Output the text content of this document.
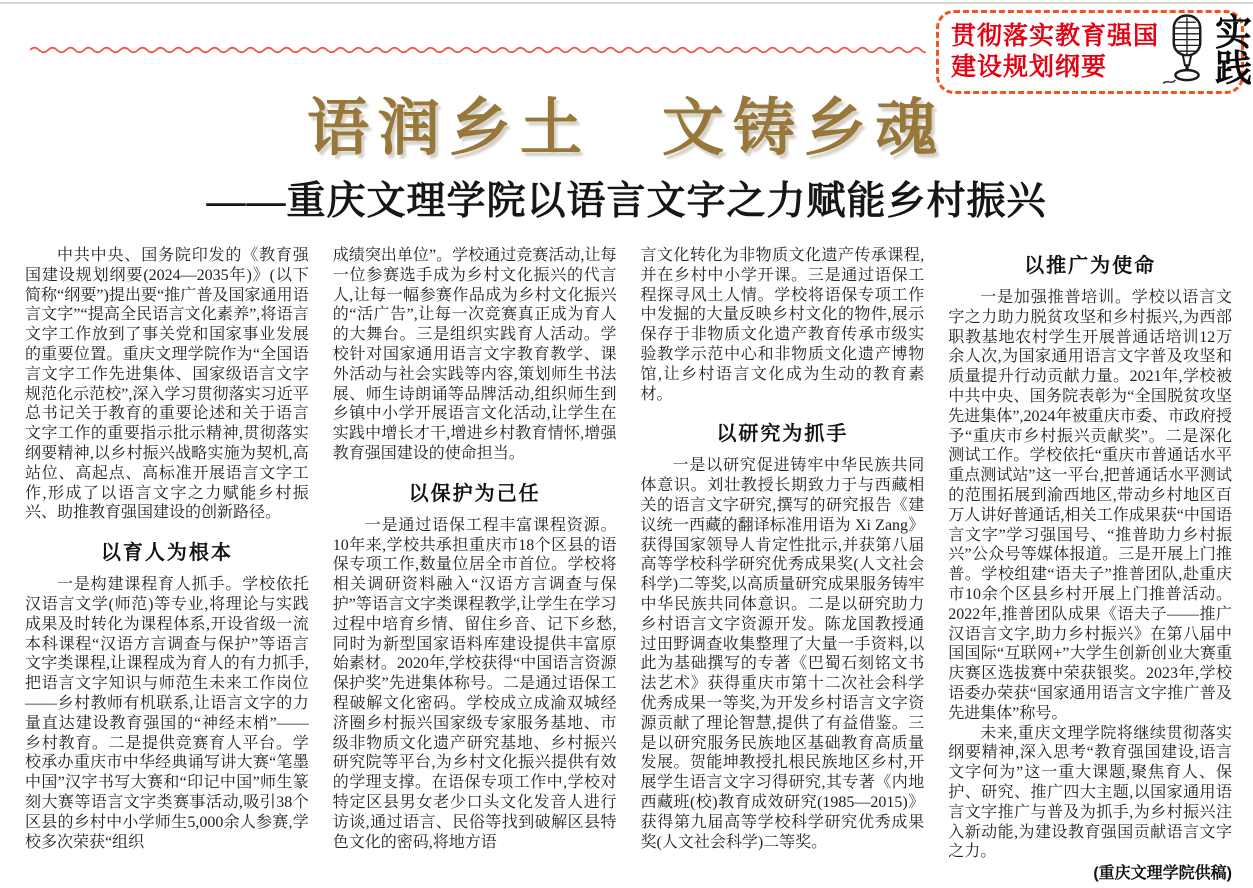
贯彻落实教育强国
建设规划纲要
实
践
语润乡土　文铸乡魂
——重庆文理学院以语言文字之力赋能乡村振兴

中共中央、国务院印发的《教育强国建设规划纲要(2024—2035年)》(以下简称“纲要”)提出要“推广普及国家通用语言文字”“提高全民语言文化素养”,将语言文字工作放到了事关党和国家事业发展的重要位置。重庆文理学院作为“全国语言文字工作先进集体、国家级语言文字规范化示范校”,深入学习贯彻落实习近平总书记关于教育的重要论述和关于语言文字工作的重要指示批示精神,贯彻落实纲要精神,以乡村振兴战略实施为契机,高站位、高起点、高标准开展语言文字工作,形成了以语言文字之力赋能乡村振兴、助推教育强国建设的创新路径。

以育人为根本

一是构建课程育人抓手。学校依托汉语言文学(师范)等专业,将理论与实践成果及时转化为课程体系,开设省级一流本科课程“汉语方言调查与保护”等语言文字类课程,让课程成为育人的有力抓手,把语言文字知识与师范生未来工作岗位——乡村教师有机联系,让语言文字的力量直达建设教育强国的“神经末梢”——乡村教育。二是提供竞赛育人平台。学校承办重庆市中华经典诵写讲大赛“笔墨中国”汉字书写大赛和“印记中国”师生篆刻大赛等语言文字类赛事活动,吸引38个区县的乡村中小学师生5,000余人参赛,学校多次荣获“组织

成绩突出单位”。学校通过竞赛活动,让每一位参赛选手成为乡村文化振兴的代言人,让每一幅参赛作品成为乡村文化振兴的“活广告”,让每一次竞赛真正成为育人的大舞台。三是组织实践育人活动。学校针对国家通用语言文字教育教学、课外活动与社会实践等内容,策划师生书法展、师生诗朗诵等品牌活动,组织师生到乡镇中小学开展语言文化活动,让学生在实践中增长才干,增进乡村教育情怀,增强教育强国建设的使命担当。

以保护为己任

一是通过语保工程丰富课程资源。10年来,学校共承担重庆市18个区县的语保专项工作,数量位居全市首位。学校将相关调研资料融入“汉语方言调查与保护”等语言文字类课程教学,让学生在学习过程中培育乡情、留住乡音、记下乡愁,同时为新型国家语料库建设提供丰富原始素材。2020年,学校获得“中国语言资源保护奖”先进集体称号。二是通过语保工程破解文化密码。学校成立成渝双城经济圈乡村振兴国家级专家服务基地、市级非物质文化遗产研究基地、乡村振兴研究院等平台,为乡村文化振兴提供有效的学理支撑。在语保专项工作中,学校对特定区县男女老少口头文化发音人进行访谈,通过语言、民俗等找到破解区县特色文化的密码,将地方语

言文化转化为非物质文化遗产传承课程,并在乡村中小学开课。三是通过语保工程探寻风土人情。学校将语保专项工作中发掘的大量反映乡村文化的物件,展示保存于非物质文化遗产教育传承市级实验教学示范中心和非物质文化遗产博物馆,让乡村语言文化成为生动的教育素材。

以研究为抓手

一是以研究促进铸牢中华民族共同体意识。刘壮教授长期致力于与西藏相关的语言文字研究,撰写的研究报告《建议统一西藏的翻译标准用语为 Xi Zang》获得国家领导人肯定性批示,并获第八届高等学校科学研究优秀成果奖(人文社会科学)二等奖,以高质量研究成果服务铸牢中华民族共同体意识。二是以研究助力乡村语言文字资源开发。陈龙国教授通过田野调查收集整理了大量一手资料,以此为基础撰写的专著《巴蜀石刻铭文书法艺术》获得重庆市第十二次社会科学优秀成果一等奖,为开发乡村语言文字资源贡献了理论智慧,提供了有益借鉴。三是以研究服务民族地区基础教育高质量发展。贺能坤教授扎根民族地区乡村,开展学生语言文字习得研究,其专著《内地西藏班(校)教育成效研究(1985—2015)》获得第九届高等学校科学研究优秀成果奖(人文社会科学)二等奖。

以推广为使命

一是加强推普培训。学校以语言文字之力助力脱贫攻坚和乡村振兴,为西部职教基地农村学生开展普通话培训12万余人次,为国家通用语言文字普及攻坚和质量提升行动贡献力量。2021年,学校被中共中央、国务院表彰为“全国脱贫攻坚先进集体”,2024年被重庆市委、市政府授予“重庆市乡村振兴贡献奖”。二是深化测试工作。学校依托“重庆市普通话水平重点测试站”这一平台,把普通话水平测试的范围拓展到渝西地区,带动乡村地区百万人讲好普通话,相关工作成果获“中国语言文字”学习强国号、“推普助力乡村振兴”公众号等媒体报道。三是开展上门推普。学校组建“语夫子”推普团队,赴重庆市10余个区县乡村开展上门推普活动。2022年,推普团队成果《语夫子——推广汉语言文字,助力乡村振兴》在第八届中国国际“互联网+”大学生创新创业大赛重庆赛区选拔赛中荣获银奖。2023年,学校语委办荣获“国家通用语言文字推广普及先进集体”称号。

未来,重庆文理学院将继续贯彻落实纲要精神,深入思考“教育强国建设,语言文字何为”这一重大课题,聚焦育人、保护、研究、推广四大主题,以国家通用语言文字推广与普及为抓手,为乡村振兴注入新动能,为建设教育强国贡献语言文字之力。

(重庆文理学院供稿)
